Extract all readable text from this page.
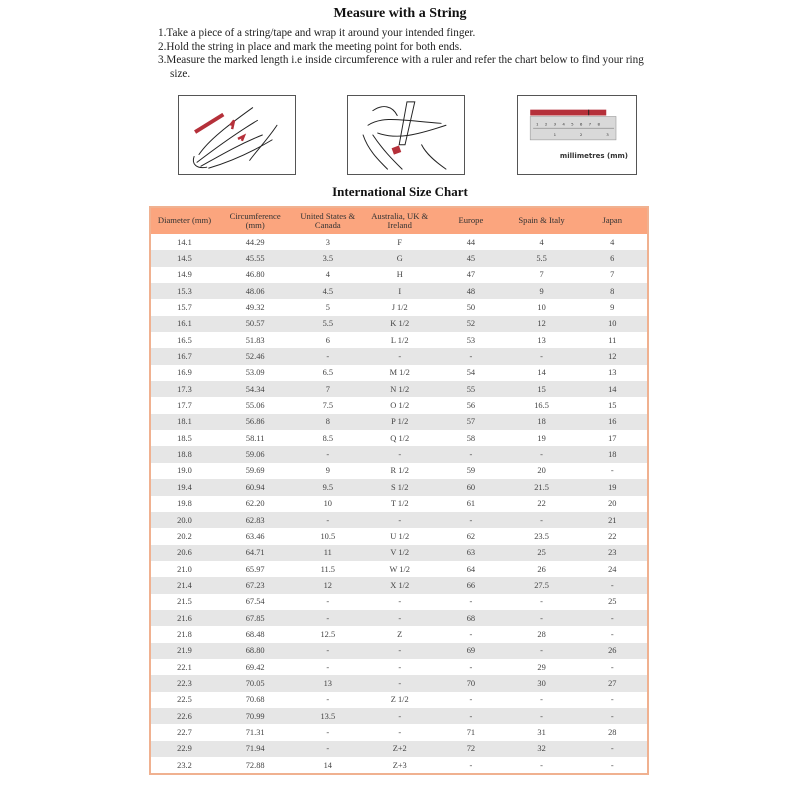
Measure with a String
1.Take a piece of a string/tape and wrap it around your intended finger.
2.Hold the string in place and mark the meeting point for both ends.
3.Measure the marked length i.e inside circumference with a ruler and refer the chart below to find your ring size.
1 2 3 4 5 6 7 8
1	2	3
millimetres (mm)
International Size Chart
Diameter (mm)	Circumference (mm)	United States & Canada	Australia, UK & Ireland	Europe	Spain & Italy	Japan
14.1	44.29	3	F	44	4	4
14.5	45.55	3.5	G	45	5.5	6
14.9	46.80	4	H	47	7	7
15.3	48.06	4.5	I	48	9	8
15.7	49.32	5	J 1/2	50	10	9
16.1	50.57	5.5	K 1/2	52	12	10
16.5	51.83	6	L 1/2	53	13	11
16.7	52.46	-	-	-	-	12
16.9	53.09	6.5	M 1/2	54	14	13
17.3	54.34	7	N 1/2	55	15	14
17.7	55.06	7.5	O 1/2	56	16.5	15
18.1	56.86	8	P 1/2	57	18	16
18.5	58.11	8.5	Q 1/2	58	19	17
18.8	59.06	-	-	-	-	18
19.0	59.69	9	R 1/2	59	20	-
19.4	60.94	9.5	S 1/2	60	21.5	19
19.8	62.20	10	T 1/2	61	22	20
20.0	62.83	-	-	-	-	21
20.2	63.46	10.5	U 1/2	62	23.5	22
20.6	64.71	11	V 1/2	63	25	23
21.0	65.97	11.5	W 1/2	64	26	24
21.4	67.23	12	X 1/2	66	27.5	-
21.5	67.54	-	-	-	-	25
21.6	67.85	-	-	68	-	-
21.8	68.48	12.5	Z	-	28	-
21.9	68.80	-	-	69	-	26
22.1	69.42	-	-	-	29	-
22.3	70.05	13	-	70	30	27
22.5	70.68	-	Z 1/2	-	-	-
22.6	70.99	13.5	-	-	-	-
22.7	71.31	-	-	71	31	28
22.9	71.94	-	Z+2	72	32	-
23.2	72.88	14	Z+3	-	-	-
